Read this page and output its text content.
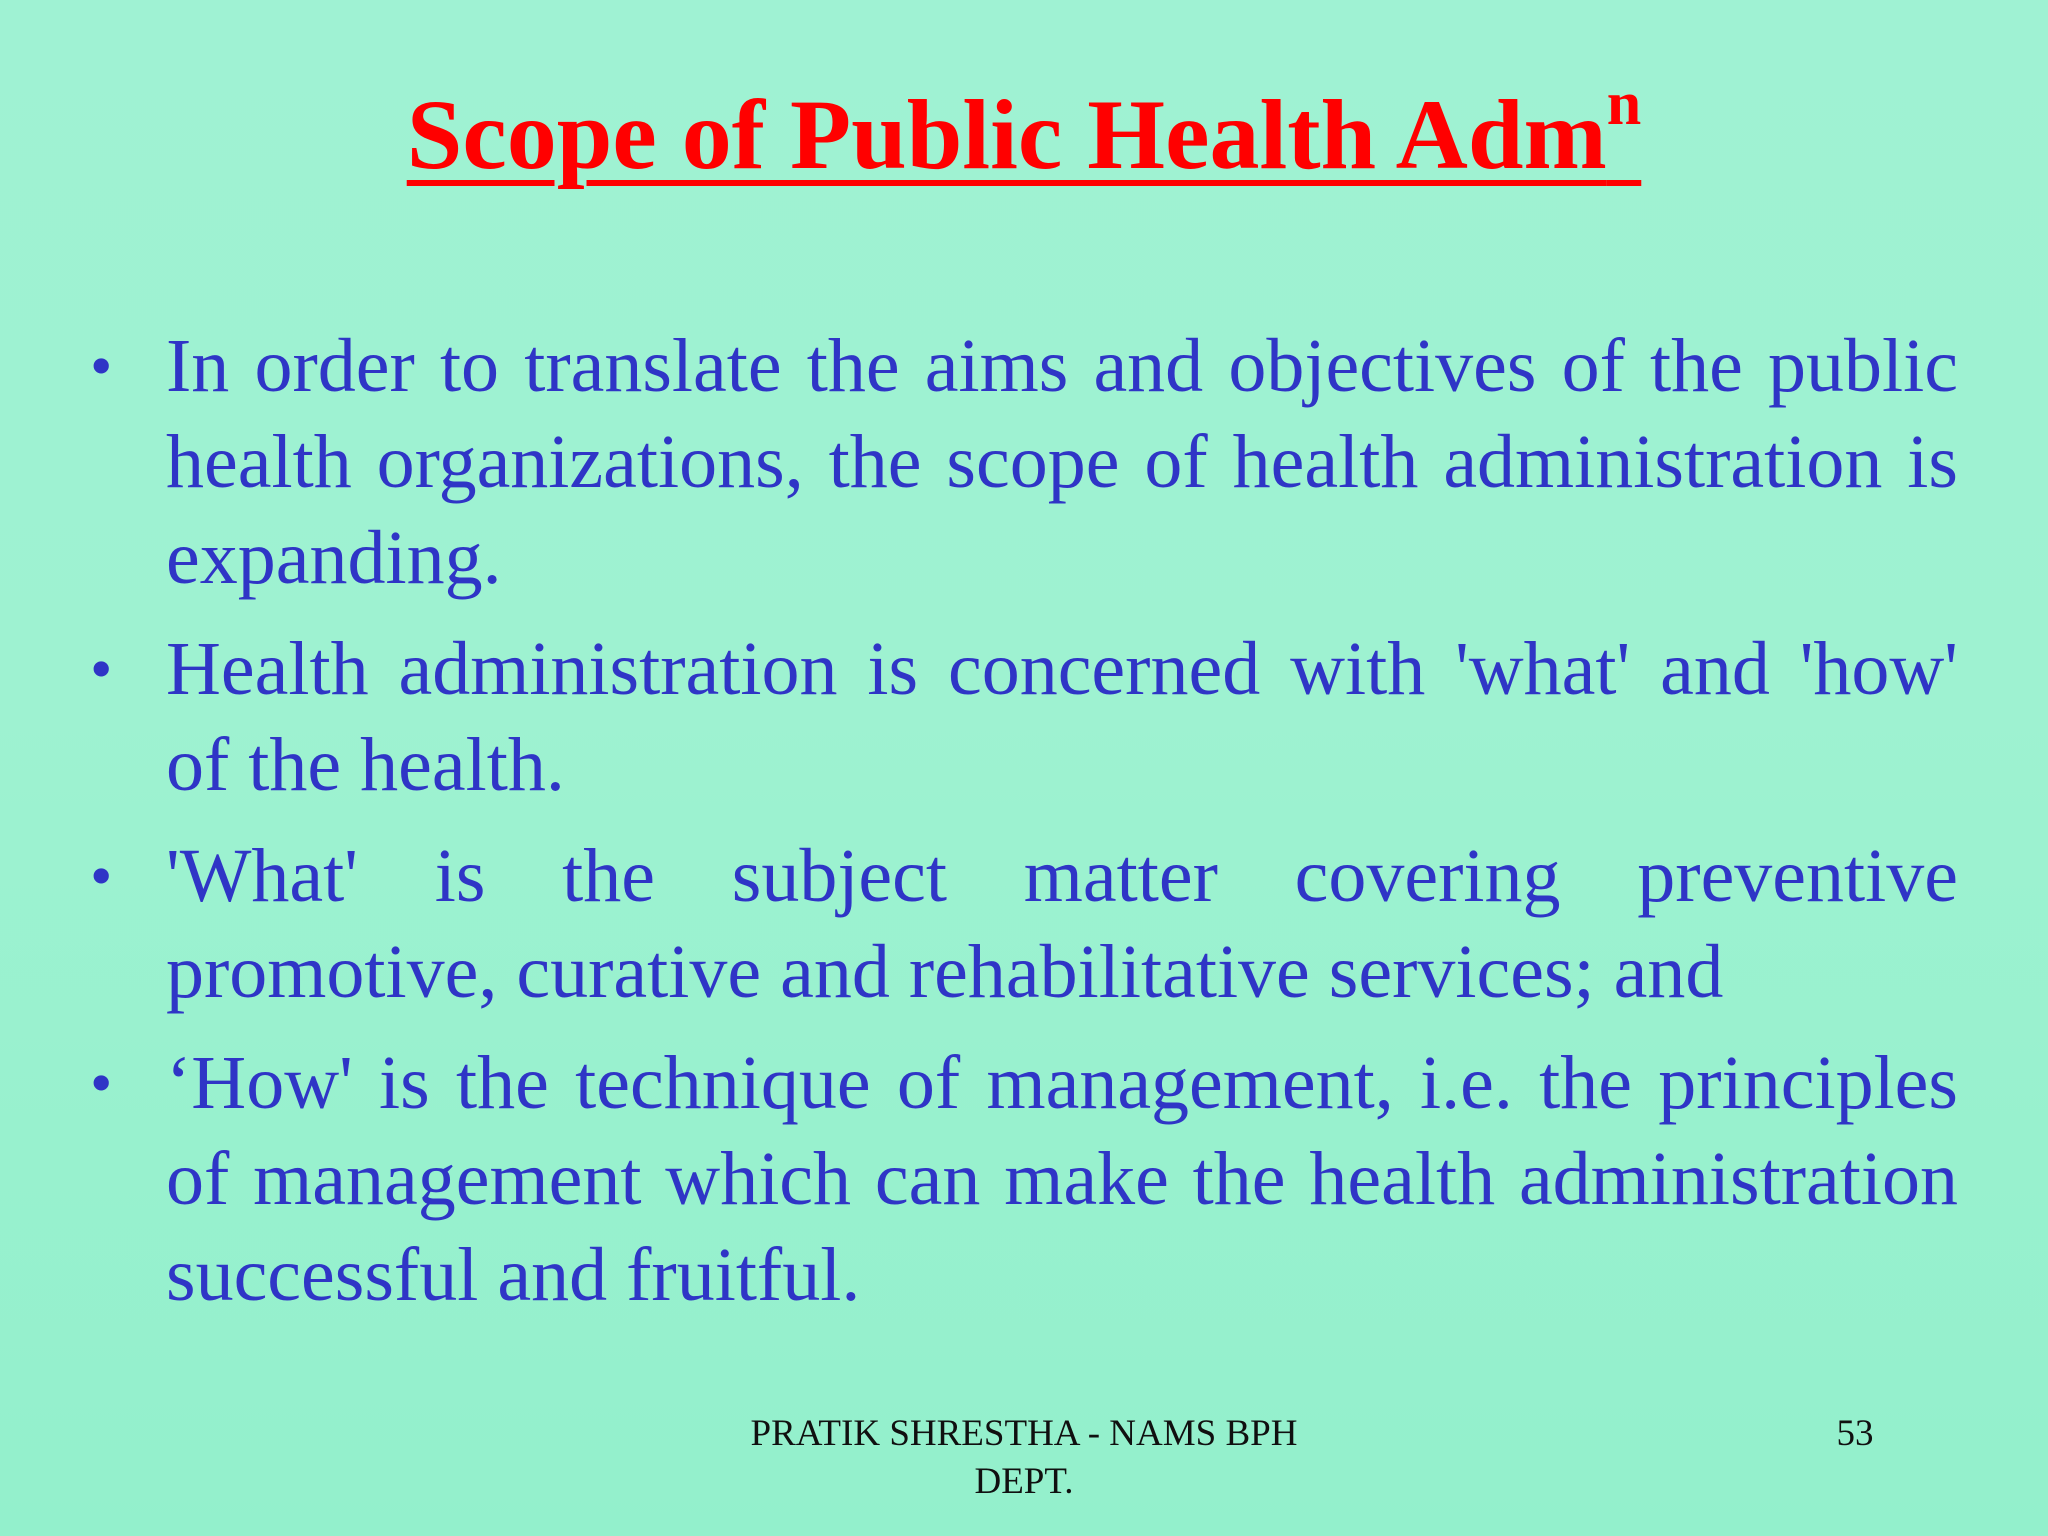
Scope of Public Health Adm$^n$
• In order to translate the aims and objectives of the public health organizations, the scope of health administration is expanding.
• Health administration is concerned with 'what' and 'how' of the health.
• 'What' is the subject matter covering preventive promotive, curative and rehabilitative services; and
• ‘How' is the technique of management, i.e. the principles of management which can make the health administration successful and fruitful.

PRATIK SHRESTHA - NAMS BPH DEPT.

53
